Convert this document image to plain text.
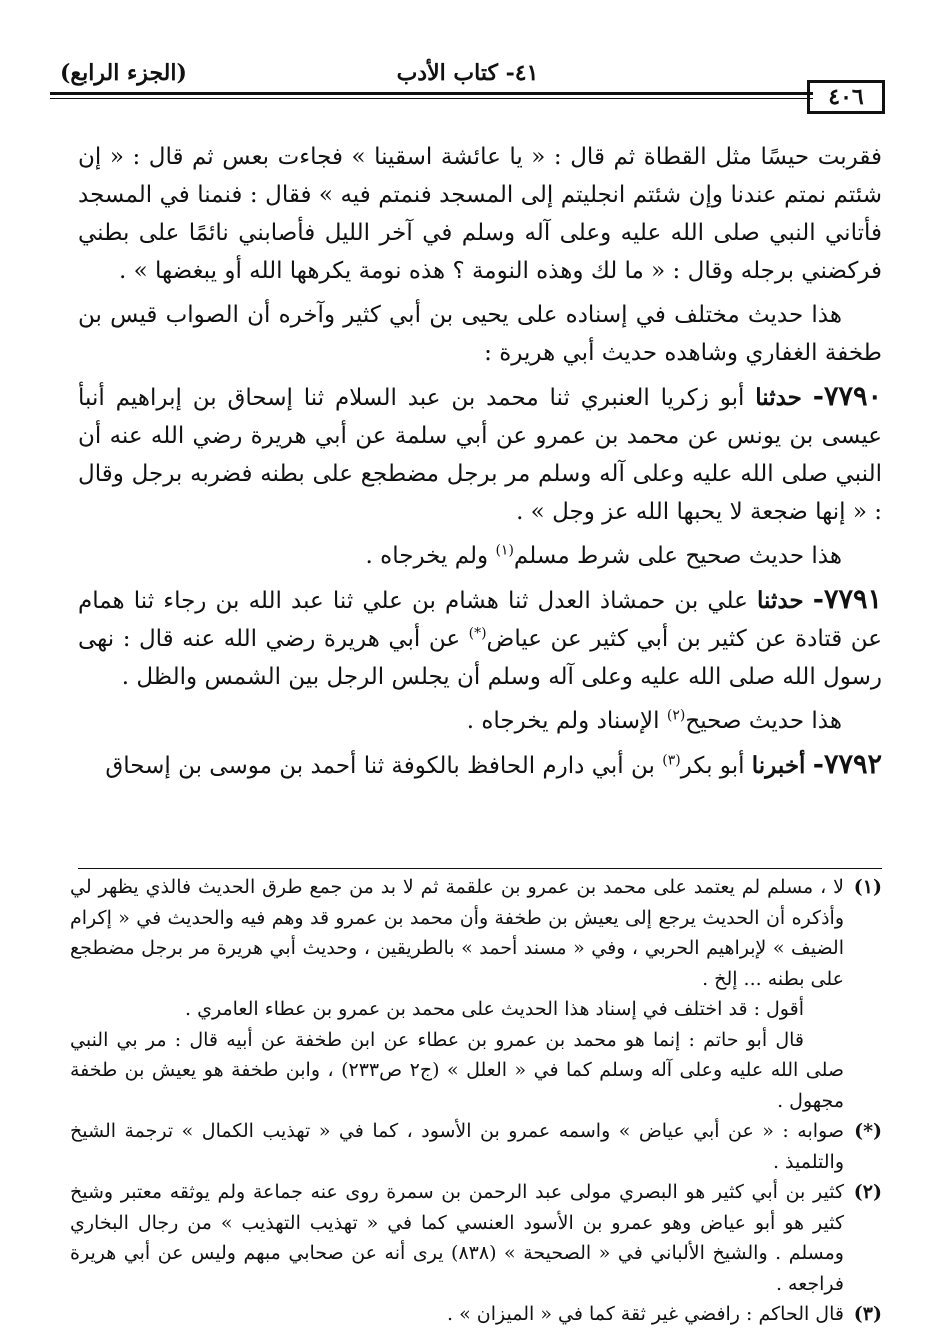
٤٠٦
٤١- كتاب الأدب
(الجزء الرابع)

فقربت حيسًا مثل القطاة ثم قال : « يا عائشة اسقينا » فجاءت بعس ثم قال : « إن شئتم نمتم عندنا وإن شئتم انجليتم إلى المسجد فنمتم فيه » فقال : فنمنا في المسجد فأتاني النبي صلى الله عليه وعلى آله وسلم في آخر الليل فأصابني نائمًا على بطني فركضني برجله وقال : « ما لك وهذه النومة ؟ هذه نومة يكرهها الله أو يبغضها » .

هذا حديث مختلف في إسناده على يحيى بن أبي كثير وآخره أن الصواب قيس بن طخفة الغفاري وشاهده حديث أبي هريرة :

٧٧٩٠- حدثنا أبو زكريا العنبري ثنا محمد بن عبد السلام ثنا إسحاق بن إبراهيم أنبأ عيسى بن يونس عن محمد بن عمرو عن أبي سلمة عن أبي هريرة رضي الله عنه أن النبي صلى الله عليه وعلى آله وسلم مر برجل مضطجع على بطنه فضربه برجل وقال : « إنها ضجعة لا يحبها الله عز وجل » .

هذا حديث صحيح على شرط مسلم$^{(١)}$ ولم يخرجاه .

٧٧٩١- حدثنا علي بن حمشاذ العدل ثنا هشام بن علي ثنا عبد الله بن رجاء ثنا همام عن قتادة عن كثير بن أبي كثير عن عياض(*) عن أبي هريرة رضي الله عنه قال : نهى رسول الله صلى الله عليه وعلى آله وسلم أن يجلس الرجل بين الشمس والظل .

هذا حديث صحيح$^{(٢)}$ الإسناد ولم يخرجاه .

٧٧٩٢- أخبرنا أبو بكر$^{(٣)}$ بن أبي دارم الحافظ بالكوفة ثنا أحمد بن موسى بن إسحاق

(١)
لا ، مسلم لم يعتمد على محمد بن عمرو بن علقمة ثم لا بد من جمع طرق الحديث فالذي يظهر لي وأذكره أن الحديث يرجع إلى يعيش بن طخفة وأن محمد بن عمرو قد وهم فيه والحديث في « إكرام الضيف » لإبراهيم الحربي ، وفي « مسند أحمد » بالطريقين ، وحديث أبي هريرة مر برجل مضطجع على بطنه ... إلخ .
أقول : قد اختلف في إسناد هذا الحديث على محمد بن عمرو بن عطاء العامري .
قال أبو حاتم : إنما هو محمد بن عمرو بن عطاء عن ابن طخفة عن أبيه قال : مر بي النبي صلى الله عليه وعلى آله وسلم كما في « العلل » (ج٢ ص٢٣٣) ، وابن طخفة هو يعيش بن طخفة مجهول .
(*)
صوابه : « عن أبي عياض » واسمه عمرو بن الأسود ، كما في « تهذيب الكمال » ترجمة الشيخ والتلميذ .
(٢)
كثير بن أبي كثير هو البصري مولى عبد الرحمن بن سمرة روى عنه جماعة ولم يوثقه معتبر وشيخ كثير هو أبو عياض وهو عمرو بن الأسود العنسي كما في « تهذيب التهذيب » من رجال البخاري ومسلم . والشيخ الألباني في « الصحيحة » (٨٣٨) يرى أنه عن صحابي مبهم وليس عن أبي هريرة فراجعه .
(٣)
قال الحاكم : رافضي غير ثقة كما في « الميزان » .
